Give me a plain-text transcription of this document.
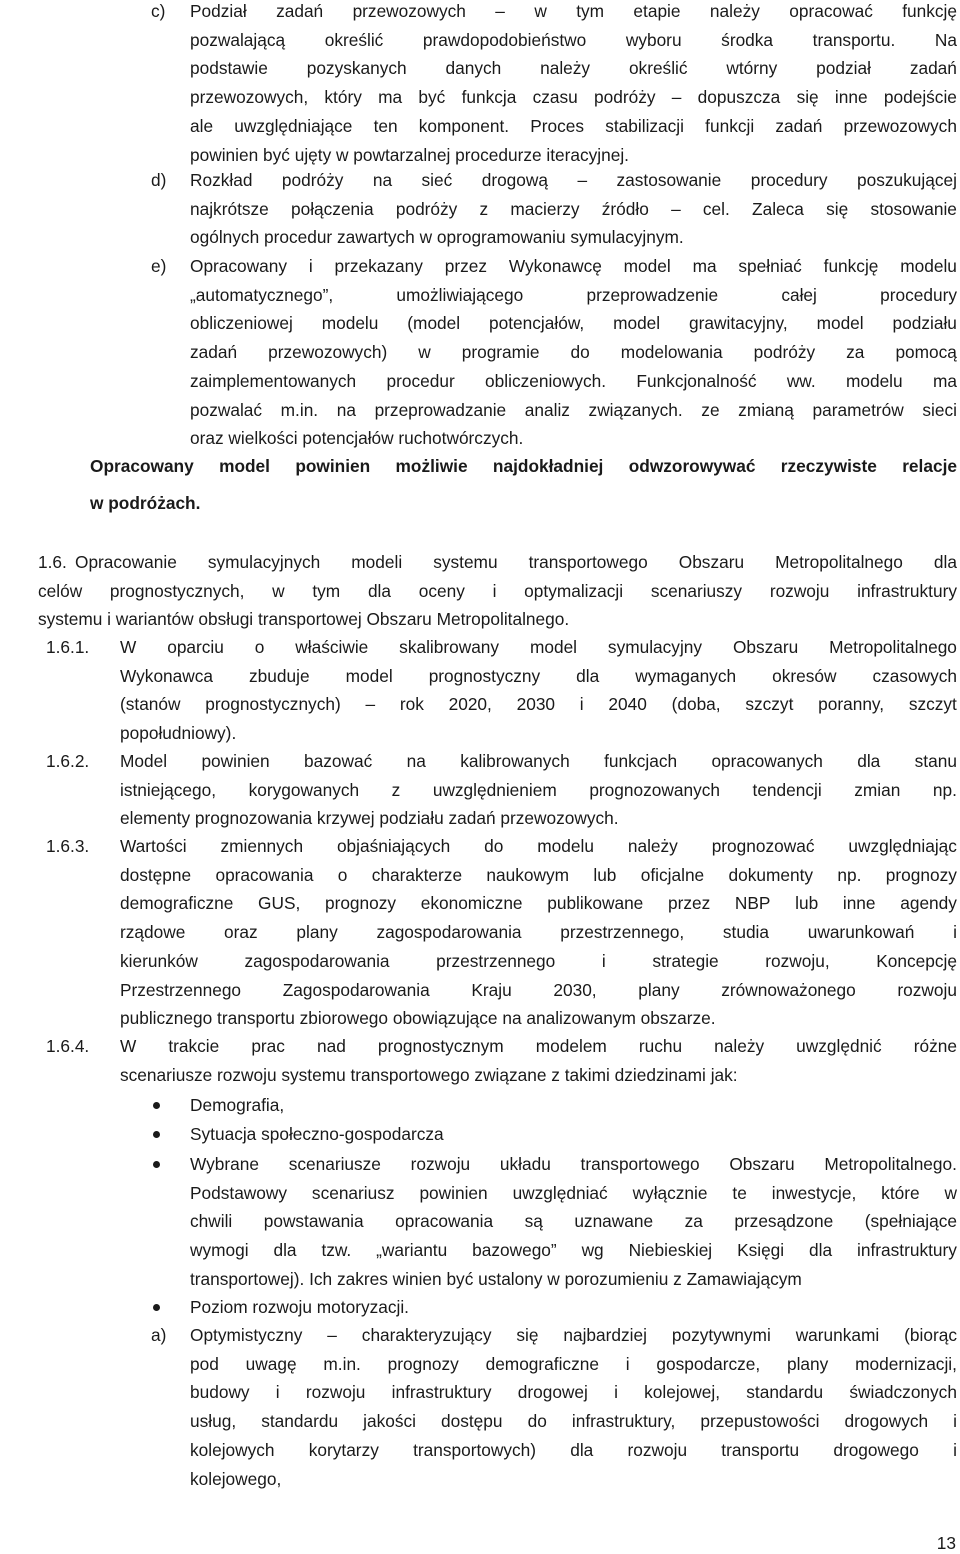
c) Podział zadań przewozowych – w tym etapie należy opracować funkcję
pozwalającą określić prawdopodobieństwo wyboru środka transportu. Na
podstawie pozyskanych danych należy określić wtórny podział zadań
przewozowych, który ma być funkcja czasu podróży – dopuszcza się inne podejście
ale uwzględniające ten komponent. Proces stabilizacji funkcji zadań przewozowych
powinien być ujęty w powtarzalnej procedurze iteracyjnej.
d) Rozkład podróży na sieć drogową – zastosowanie procedury poszukującej
najkrótsze połączenia podróży z macierzy źródło – cel. Zaleca się stosowanie
ogólnych procedur zawartych w oprogramowaniu symulacyjnym.
e) Opracowany i przekazany przez Wykonawcę model ma spełniać funkcję modelu
„automatycznego”,	umożliwiającego	przeprowadzenie	całej	procedury
obliczeniowej modelu (model potencjałów, model grawitacyjny, model podziału
zadań przewozowych) w programie do modelowania podróży za pomocą
zaimplementowanych procedur obliczeniowych. Funkcjonalność ww. modelu ma
pozwalać m.in. na przeprowadzanie analiz związanych. ze zmianą parametrów sieci
oraz wielkości potencjałów ruchotwórczych.
Opracowany model powinien możliwie najdokładniej odwzorowywać rzeczywiste relacje
w podróżach.
1.6. Opracowanie symulacyjnych modeli systemu transportowego Obszaru Metropolitalnego dla
celów prognostycznych, w tym dla oceny i optymalizacji scenariuszy rozwoju infrastruktury
systemu i wariantów obsługi transportowej Obszaru Metropolitalnego.
1.6.1. W oparciu o właściwie skalibrowany model symulacyjny Obszaru Metropolitalnego
Wykonawca zbuduje model prognostyczny dla wymaganych okresów czasowych
(stanów prognostycznych) – rok 2020, 2030 i 2040 (doba, szczyt poranny, szczyt
popołudniowy).
1.6.2. Model powinien bazować na kalibrowanych funkcjach opracowanych dla stanu
istniejącego, korygowanych z uwzględnieniem prognozowanych tendencji zmian np.
elementy prognozowania krzywej podziału zadań przewozowych.
1.6.3. Wartości zmiennych objaśniających do modelu należy prognozować uwzględniając
dostępne opracowania o charakterze naukowym lub oficjalne dokumenty np. prognozy
demograficzne GUS, prognozy ekonomiczne publikowane przez NBP lub inne agendy
rządowe oraz plany zagospodarowania przestrzennego, studia uwarunkowań i
kierunków	zagospodarowania	przestrzennego	i	strategie	rozwoju,	Koncepcję
Przestrzennego Zagospodarowania Kraju 2030, plany zrównoważonego rozwoju
publicznego transportu zbiorowego obowiązujące na analizowanym obszarze.
1.6.4. W trakcie prac nad prognostycznym modelem ruchu należy uwzględnić różne
scenariusze rozwoju systemu transportowego związane z takimi dziedzinami jak:
Demografia,
Sytuacja społeczno-gospodarcza
Wybrane scenariusze rozwoju układu transportowego Obszaru Metropolitalnego.
Podstawowy scenariusz powinien uwzględniać wyłącznie te inwestycje, które w
chwili powstawania opracowania są uznawane za przesądzone (spełniające
wymogi dla tzw. „wariantu bazowego” wg Niebieskiej Księgi dla infrastruktury
transportowej). Ich zakres winien być ustalony w porozumieniu z Zamawiającym
Poziom rozwoju motoryzacji.
a) Optymistyczny – charakteryzujący się najbardziej pozytywnymi warunkami (biorąc
pod uwagę m.in. prognozy demograficzne i gospodarcze, plany modernizacji,
budowy i rozwoju infrastruktury drogowej i kolejowej, standardu świadczonych
usług, standardu jakości dostępu do infrastruktury, przepustowości drogowych i
kolejowych korytarzy transportowych) dla rozwoju transportu drogowego i
kolejowego,
13
